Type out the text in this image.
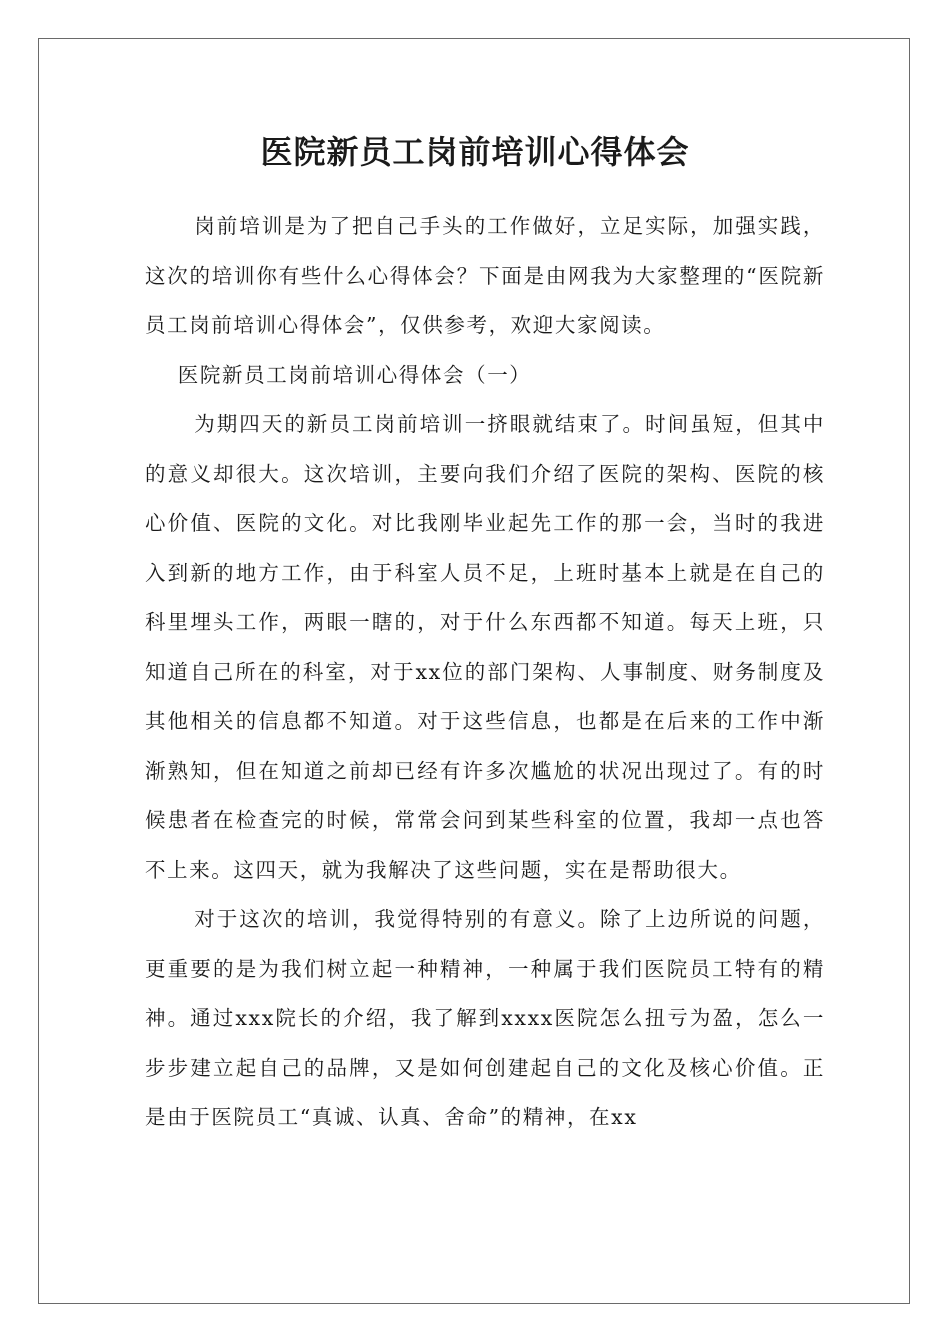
医院新员工岗前培训心得体会

岗前培训是为了把自己手头的工作做好，立足实际，加强实践，这次的培训你有些什么心得体会？下面是由网我为大家整理的“医院新员工岗前培训心得体会”，仅供参考，欢迎大家阅读。

医院新员工岗前培训心得体会（一）

为期四天的新员工岗前培训一挤眼就结束了。时间虽短，但其中的意义却很大。这次培训，主要向我们介绍了医院的架构、医院的核心价值、医院的文化。对比我刚毕业起先工作的那一会，当时的我进入到新的地方工作，由于科室人员不足，上班时基本上就是在自己的科里埋头工作，两眼一瞎的，对于什么东西都不知道。每天上班，只知道自己所在的科室，对于xx位的部门架构、人事制度、财务制度及其他相关的信息都不知道。对于这些信息，也都是在后来的工作中渐渐熟知，但在知道之前却已经有许多次尴尬的状况出现过了。有的时候患者在检查完的时候，常常会问到某些科室的位置，我却一点也答不上来。这四天，就为我解决了这些问题，实在是帮助很大。

对于这次的培训，我觉得特别的有意义。除了上边所说的问题，更重要的是为我们树立起一种精神，一种属于我们医院员工特有的精神。通过xxx院长的介绍，我了解到xxxx医院怎么扭亏为盈，怎么一步步建立起自己的品牌，又是如何创建起自己的文化及核心价值。正是由于医院员工“真诚、认真、舍命”的精神，在xx
